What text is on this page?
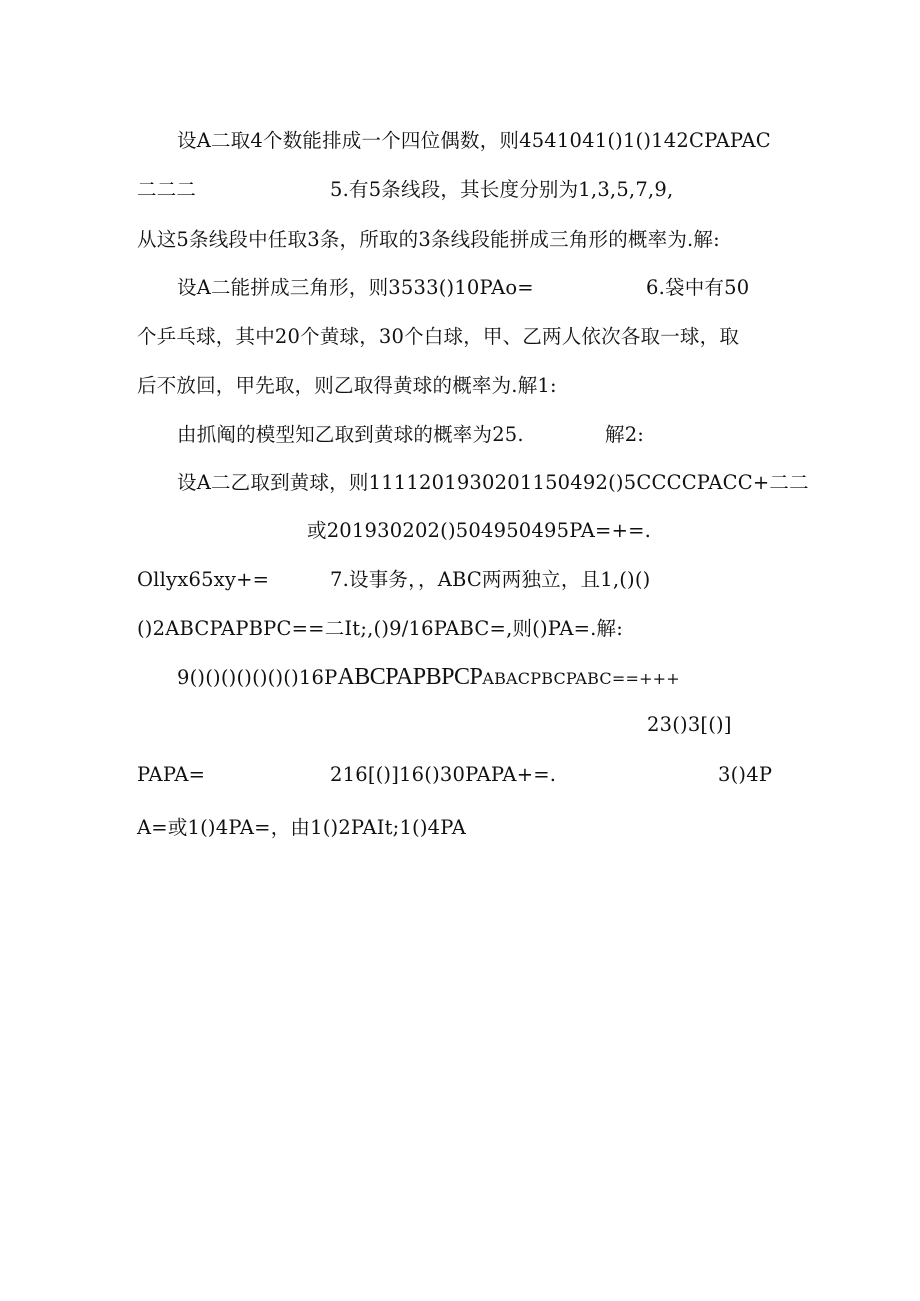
设A二取4个数能排成一个四位偶数，则4541041()1()142CPAPAC
二二二	5.有5条线段，其长度分别为1,3,5,7,9,
从这5条线段中任取3条，所取的3条线段能拼成三角形的概率为.解:
设A二能拼成三角形，则3533()10PAo=	6.袋中有50
个乒乓球，其中20个黄球，30个白球，甲、乙两人依次各取一球，取
后不放回，甲先取，则乙取得黄球的概率为.解1:
由抓阄的模型知乙取到黄球的概率为25.	解2:
设A二乙取到黄球，则1111201930201150492()5CCCCPACC+二二
或201930202()504950495PA=+=.
Ollyx65xy+=	7.设事务，，ABC两两独立，且1,()()
()2ABCPAPBPC==二It;,()9/16PABC=,则()PA=.解:
9()()()()()()()16PABCPAPBPCPABACPBCPABC==+++
23()3[()]
PAPA=	216[()]16()30PAPA+=.	3()4P
A=或1()4PA=，由1()2PAIt;1()4PA
